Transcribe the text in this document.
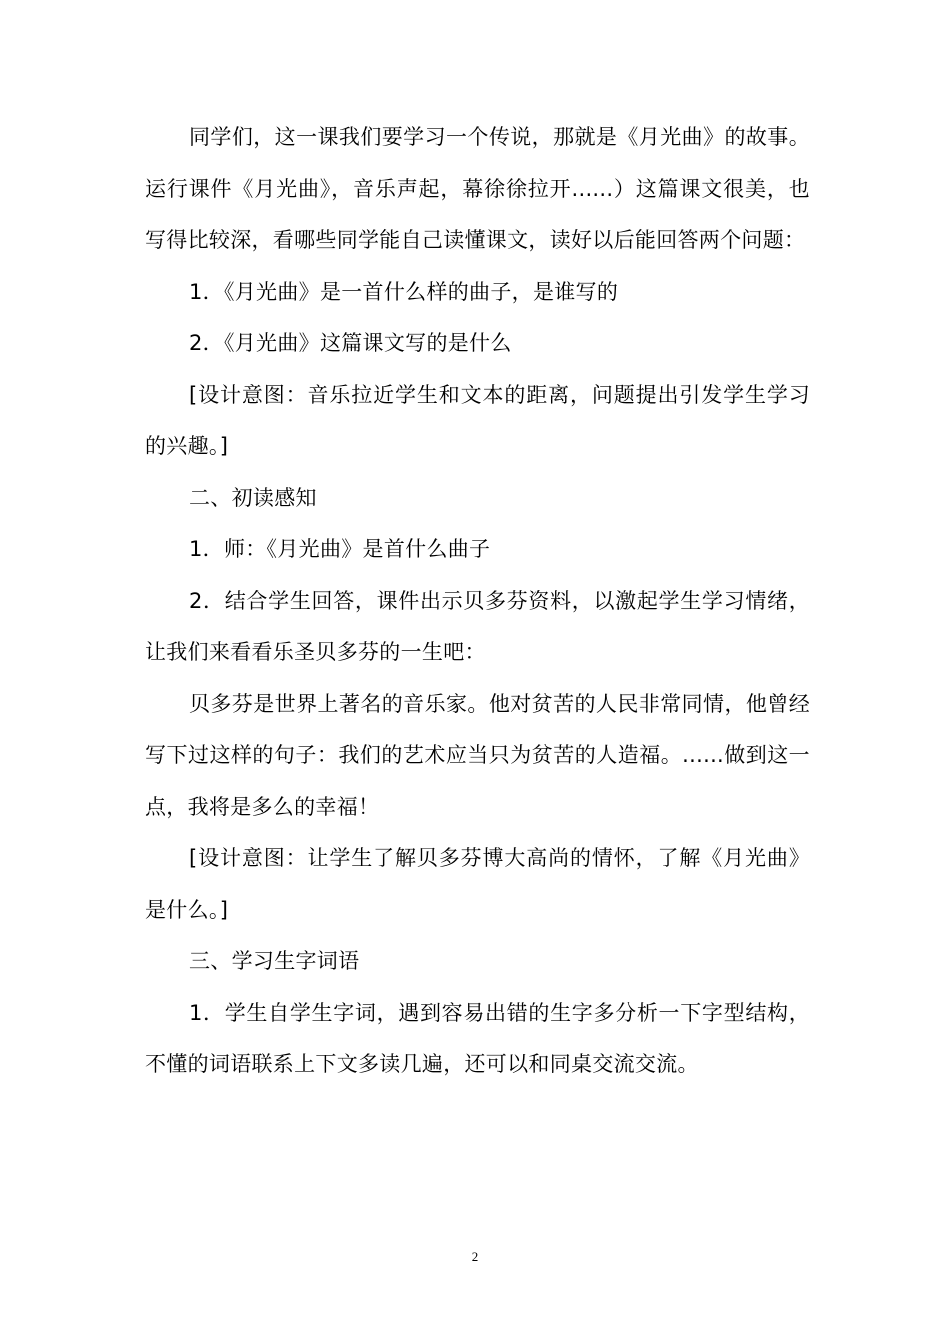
同学们，这一课我们要学习一个传说，那就是《月光曲》的故事。运行课件《月光曲》，音乐声起，幕徐徐拉开......）这篇课文很美，也写得比较深，看哪些同学能自己读懂课文，读好以后能回答两个问题：

1．《月光曲》是一首什么样的曲子，是谁写的

2．《月光曲》这篇课文写的是什么

[设计意图：音乐拉近学生和文本的距离，问题提出引发学生学习的兴趣。]

二、初读感知

1．师：《月光曲》是首什么曲子

2．结合学生回答，课件出示贝多芬资料，以激起学生学习情绪，让我们来看看乐圣贝多芬的一生吧：

贝多芬是世界上著名的音乐家。他对贫苦的人民非常同情，他曾经写下过这样的句子：我们的艺术应当只为贫苦的人造福。......做到这一点，我将是多么的幸福！

[设计意图：让学生了解贝多芬博大高尚的情怀，了解《月光曲》是什么。]

三、学习生字词语

1．学生自学生字词，遇到容易出错的生字多分析一下字型结构，不懂的词语联系上下文多读几遍，还可以和同桌交流交流。

2
